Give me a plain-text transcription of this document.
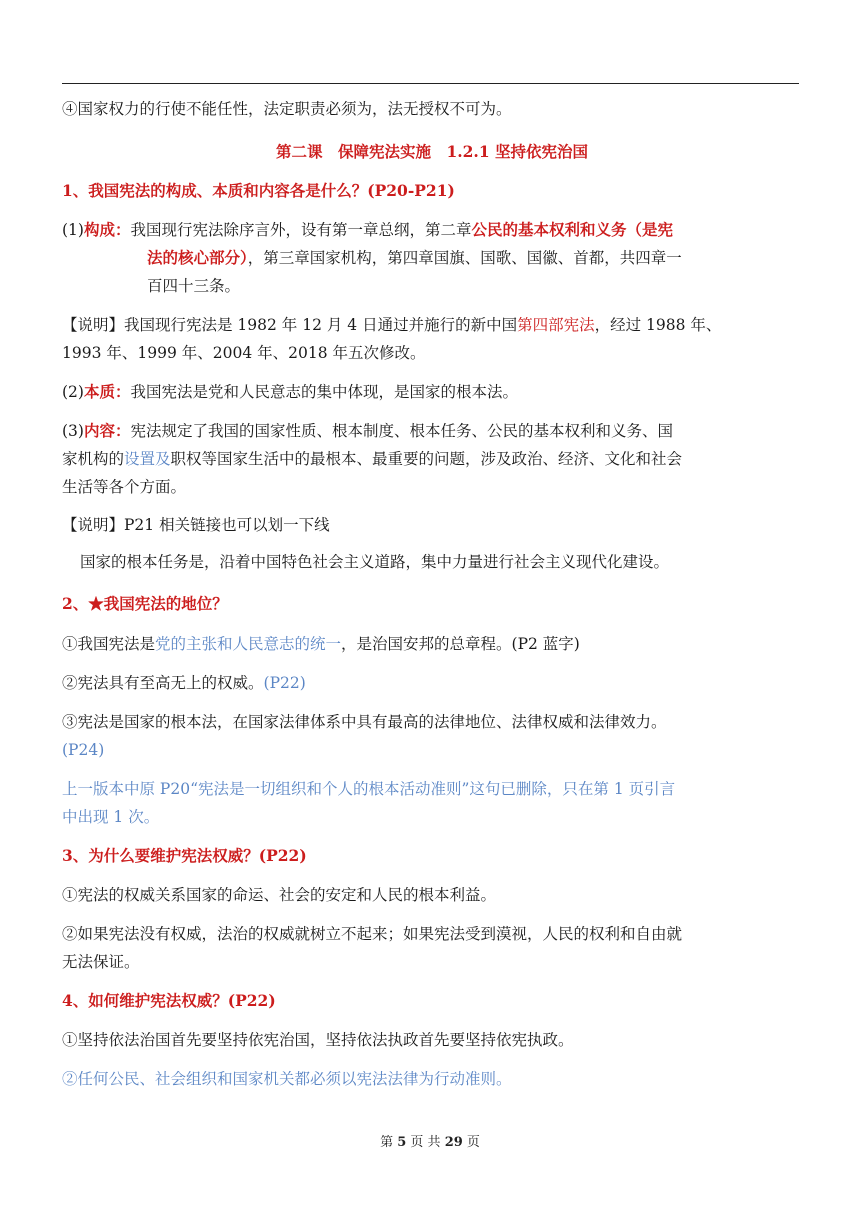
④国家权力的行使不能任性，法定职责必须为，法无授权不可为。
第二课　保障宪法实施　1.2.1 坚持依宪治国
1、我国宪法的构成、本质和内容各是什么？(P20-P21)
(1)构成：我国现行宪法除序言外，设有第一章总纲，第二章公民的基本权利和义务（是宪
法的核心部分），第三章国家机构，第四章国旗、国歌、国徽、首都，共四章一
百四十三条。
【说明】我国现行宪法是 1982 年 12 月 4 日通过并施行的新中国第四部宪法，经过 1988 年、
1993 年、1999 年、2004 年、2018 年五次修改。
(2)本质：我国宪法是党和人民意志的集中体现，是国家的根本法。
(3)内容：宪法规定了我国的国家性质、根本制度、根本任务、公民的基本权利和义务、国
家机构的设置及职权等国家生活中的最根本、最重要的问题，涉及政治、经济、文化和社会
生活等各个方面。
【说明】P21 相关链接也可以划一下线
国家的根本任务是，沿着中国特色社会主义道路，集中力量进行社会主义现代化建设。
2、★我国宪法的地位？
①我国宪法是党的主张和人民意志的统一，是治国安邦的总章程。(P2 蓝字)
②宪法具有至高无上的权威。(P22)
③宪法是国家的根本法，在国家法律体系中具有最高的法律地位、法律权威和法律效力。
(P24)
上一版本中原 P20“宪法是一切组织和个人的根本活动准则”这句已删除，只在第 1 页引言
中出现 1 次。
3、为什么要维护宪法权威？(P22)
①宪法的权威关系国家的命运、社会的安定和人民的根本利益。
②如果宪法没有权威，法治的权威就树立不起来；如果宪法受到漠视，人民的权利和自由就
无法保证。
4、如何维护宪法权威？(P22)
①坚持依法治国首先要坚持依宪治国，坚持依法执政首先要坚持依宪执政。
②任何公民、社会组织和国家机关都必须以宪法法律为行动准则。
第 5 页 共 29 页
